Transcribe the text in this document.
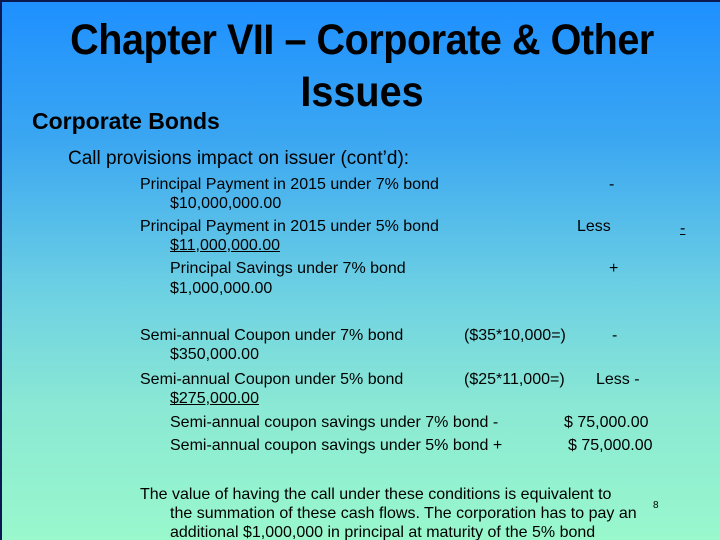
Chapter VII – Corporate & Other
Issues
Corporate Bonds
Call provisions impact on issuer (cont’d):
Principal Payment in 2015 under 7% bond	-
$10,000,000.00
Principal Payment in 2015 under 5% bond	Less	-
$11,000,000.00
Principal Savings under 7% bond	+
$1,000,000.00
Semi-annual Coupon under 7% bond	($35*10,000=)	-
$350,000.00
Semi-annual Coupon under 5% bond	($25*11,000=) Less -
$275,000.00
Semi-annual coupon savings under 7% bond -	$ 75,000.00
Semi-annual coupon savings under 5% bond +	$ 75,000.00
The value of having the call under these conditions is equivalent to
the summation of these cash flows. The corporation has to pay an
additional $1,000,000 in principal at maturity of the 5% bond
8
